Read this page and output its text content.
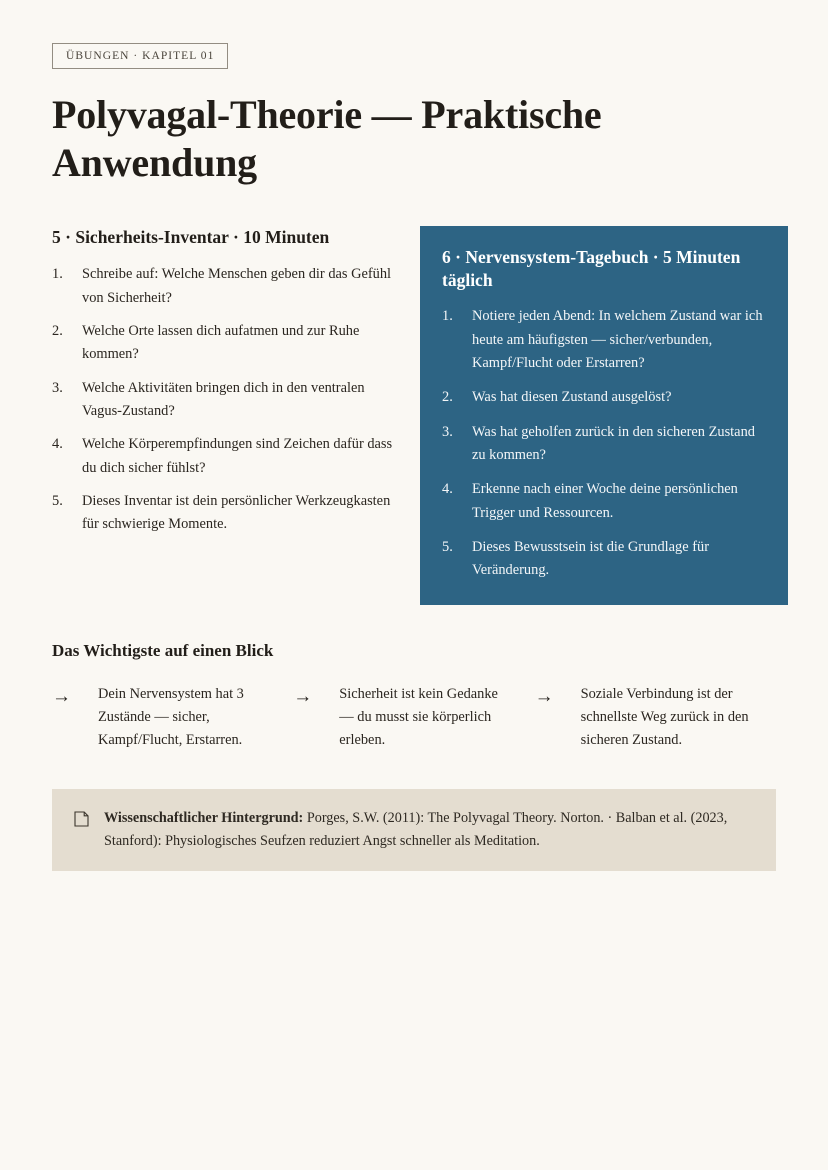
ÜBUNGEN · KAPITEL 01
Polyvagal-Theorie — Praktische Anwendung
5 · Sicherheits-Inventar · 10 Minuten
Schreibe auf: Welche Menschen geben dir das Gefühl von Sicherheit?
Welche Orte lassen dich aufatmen und zur Ruhe kommen?
Welche Aktivitäten bringen dich in den ventralen Vagus-Zustand?
Welche Körperempfindungen sind Zeichen dafür dass du dich sicher fühlst?
Dieses Inventar ist dein persönlicher Werkzeugkasten für schwierige Momente.
6 · Nervensystem-Tagebuch · 5 Minuten täglich
Notiere jeden Abend: In welchem Zustand war ich heute am häufigsten — sicher/verbunden, Kampf/Flucht oder Erstarren?
Was hat diesen Zustand ausgelöst?
Was hat geholfen zurück in den sicheren Zustand zu kommen?
Erkenne nach einer Woche deine persönlichen Trigger und Ressourcen.
Dieses Bewusstsein ist die Grundlage für Veränderung.
Das Wichtigste auf einen Blick
→	Dein Nervensystem hat 3 Zustände — sicher, Kampf/Flucht, Erstarren.
→	Sicherheit ist kein Gedanke — du musst sie körperlich erleben.
→	Soziale Verbindung ist der schnellste Weg zurück in den sicheren Zustand.
Wissenschaftlicher Hintergrund: Porges, S.W. (2011): The Polyvagal Theory. Norton. · Balban et al. (2023, Stanford): Physiologisches Seufzen reduziert Angst schneller als Meditation.
